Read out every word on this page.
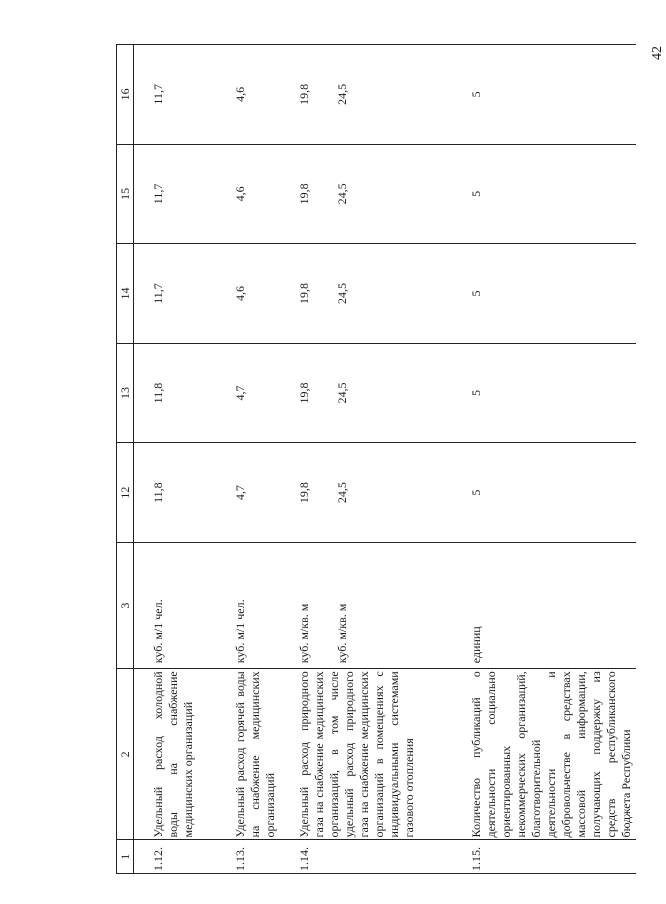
42
1	2	3	12	13	14	15	16
1.12.	Удельный расход холодной воды на снабжение медицинских организаций	куб. м/1 чел.	11,8	11,8	11,7	11,7	11,7

1.13.	Удельный расход горячей воды на снабжение медицинских организаций	куб. м/1 чел.	4,7	4,7	4,6	4,6	4,6

1.14.	Удельный расход природного газа на снабжение медицинских организаций, в том числе удельный расход природного газа на снабжение медицинских организаций в помещениях с индивидуальными системами газового отопления	куб. м/кв. м куб. м/кв. м	19,8 24,5	19,8 24,5	19,8 24,5	19,8 24,5	19,8 24,5

1.15.	Количество публикаций о деятельности социально ориентированных некоммерческих организаций, благотворительной деятельности и добровольчестве в средствах массовой информации, получающих поддержку из средств республиканского бюджета Республики	единиц	5	5	5	5	5
